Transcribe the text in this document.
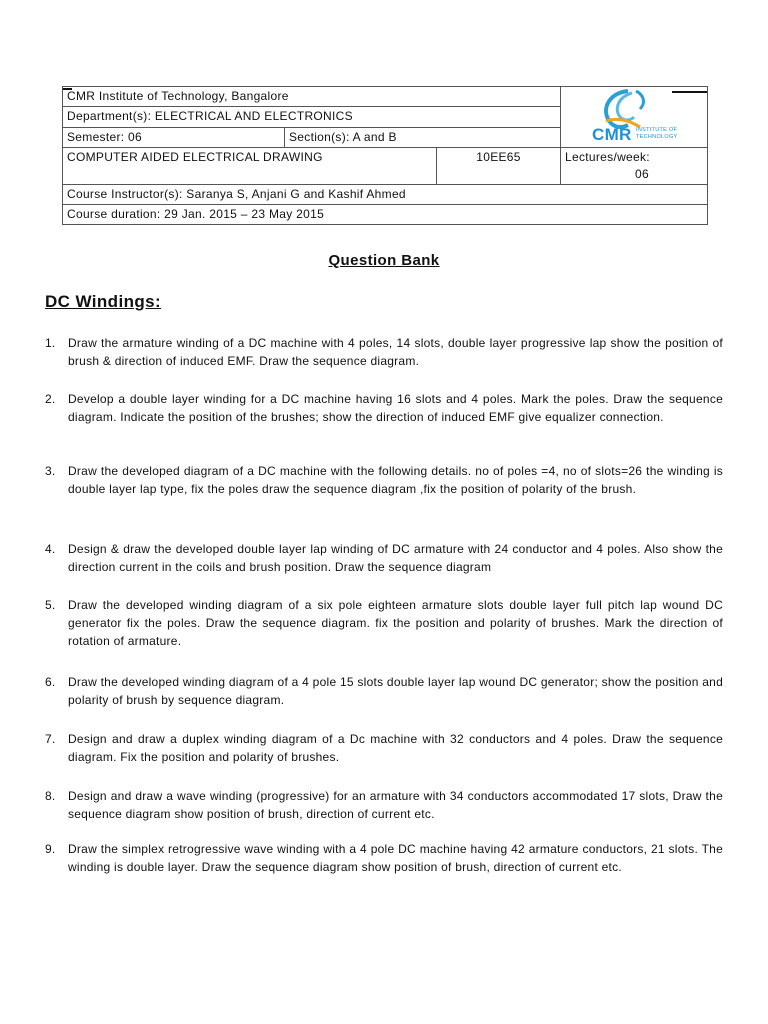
CMR Institute of Technology, Bangalore			CMR INSTITUTE OF
TECHNOLOGY

Department(s): ELECTRICAL AND ELECTRONICS			
Semester: 06	Section(s): A and B		
COMPUTER AIDED ELECTRICAL DRAWING		10EE65	Lectures/week:
06

Course Instructor(s): Saranya S, Anjani G and Kashif Ahmed			
Course duration: 29 Jan. 2015 – 23 May 2015			
Question Bank
DC Windings:
1. Draw the armature winding of a DC machine with 4 poles, 14 slots, double layer progressive lap show the position of brush & direction of induced EMF. Draw the sequence diagram.
2. Develop a double layer winding for a DC machine having 16 slots and 4 poles. Mark the poles. Draw the sequence diagram. Indicate the position of the brushes; show the direction of induced EMF give equalizer connection.
3. Draw the developed diagram of a DC machine with the following details. no of poles =4, no of slots=26 the winding is double layer lap type, fix the poles draw the sequence diagram ,fix the position of polarity of the brush.
4. Design & draw the developed double layer lap winding of DC armature with 24 conductor and 4 poles. Also show the direction current in the coils and brush position. Draw the sequence diagram
5. Draw the developed winding diagram of a six pole eighteen armature slots double layer full pitch lap wound DC generator fix the poles. Draw the sequence diagram. fix the position and polarity of brushes. Mark the direction of rotation of armature.
6. Draw the developed winding diagram of a 4 pole 15 slots double layer lap wound DC generator; show the position and polarity of brush by sequence diagram.
7. Design and draw a duplex winding diagram of a Dc machine with 32 conductors and 4 poles. Draw the sequence diagram. Fix the position and polarity of brushes.
8. Design and draw a wave winding (progressive) for an armature with 34 conductors accommodated 17 slots, Draw the sequence diagram show position of brush, direction of current etc.
9. Draw the simplex retrogressive wave winding with a 4 pole DC machine having 42 armature conductors, 21 slots. The winding is double layer. Draw the sequence diagram show position of brush, direction of current etc.
